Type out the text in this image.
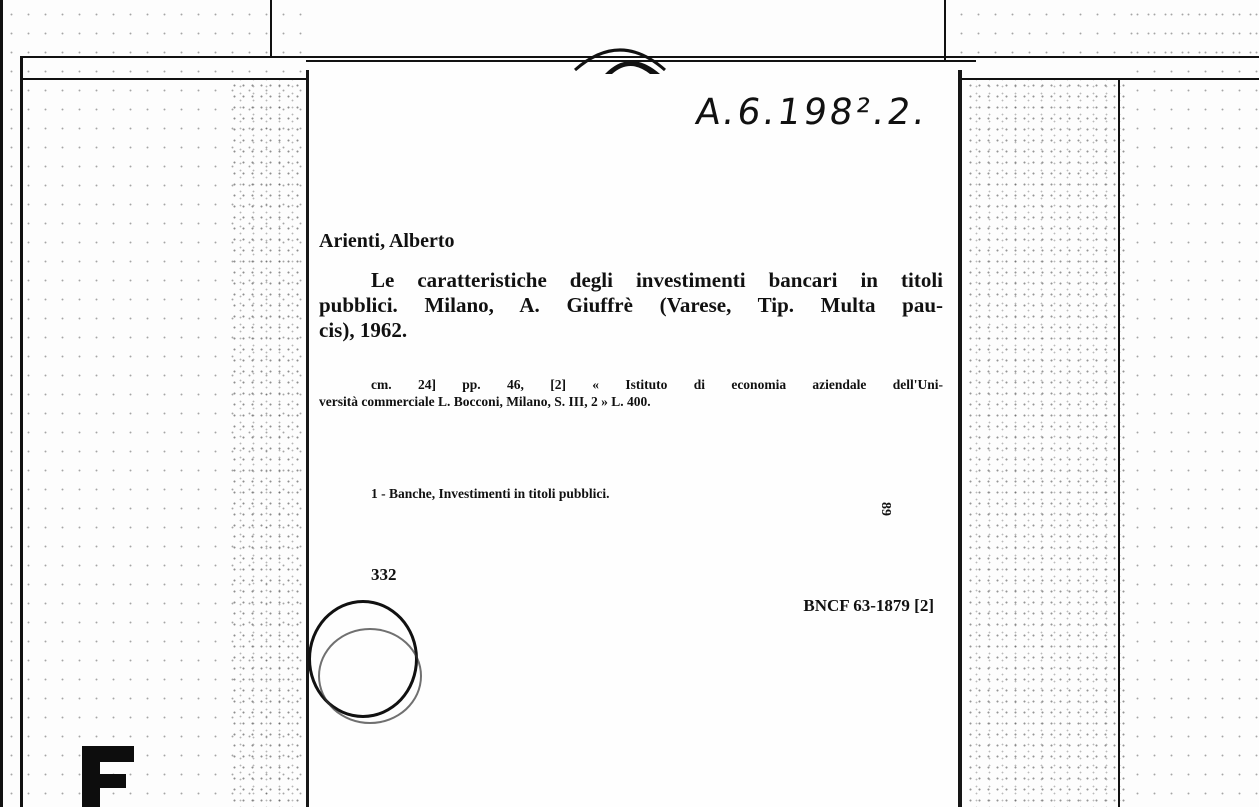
A.6.198².2.

Arienti, Alberto

Le caratteristiche degli investimenti bancari in titoli
pubblici. Milano, A. Giuffrè (Varese, Tip. Multa pau-
cis), 1962.
cm. 24] pp. 46, [2] « Istituto di economia aziendale dell'Uni-
versità commerciale L. Bocconi, Milano, S. III, 2 » L. 400.

1 - Banche, Investimenti in titoli pubblici.

89

332

BNCF 63-1879 [2]
